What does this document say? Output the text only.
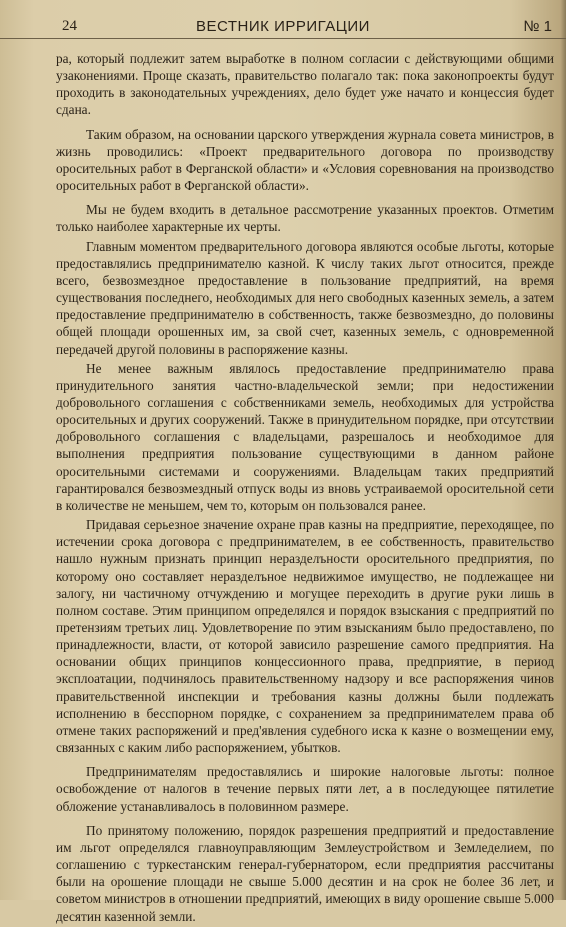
24	ВЕСТНИК ИРРИГАЦИИ	№ 1

ра, который подлежит затем выработке в полном согласии с действующими общими узаконениями. Проще сказать, правительство полагало так: пока законопроекты будут проходить в законодательных учреждениях, дело будет уже начато и концессия будет сдана.

Таким образом, на основании царского утверждения журнала совета министров, в жизнь проводились: «Проект предварительного договора по производству оросительных работ в Ферганской области» и «Условия соревнования на производство оросительных работ в Ферганской области».

Мы не будем входить в детальное рассмотрение указанных проектов. Отметим только наиболее характерные их черты.

Главным моментом предварительного договора являются особые льготы, которые предоставлялись предпринимателю казной. К числу таких льгот относится, прежде всего, безвозмездное предоставление в пользование предприятий, на время существования последнего, необходимых для него свободных казенных земель, а затем предоставление предпринимателю в собственность, также безвозмездно, до половины общей площади орошенных им, за свой счет, казенных земель, с одновременной передачей другой половины в распоряжение казны.

Не менее важным являлось предоставление предпринимателю права принудительного занятия частно-владельческой земли; при недостижении добровольного соглашения с собственниками земель, необходимых для устройства оросительных и других сооружений. Также в принудительном порядке, при отсутствии добровольного соглашения с владельцами, разрешалось и необходимое для выполнения предприятия пользование существующими в данном районе оросительными системами и сооружениями. Владельцам таких предприятий гарантировался безвозмездный отпуск воды из вновь устраиваемой оросительной сети в количестве не меньшем, чем то, которым он пользовался ранее.

Придавая серьезное значение охране прав казны на предприятие, переходящее, по истечении срока договора с предпринимателем, в ее собственность, правительство нашло нужным признать принцип неразделъности оросительного предприятия, по которому оно составляет неразделъное недвижимое имущество, не подлежащее ни залогу, ни частичному отчуждению и могущее переходить в другие руки лишь в полном составе. Этим принципом определялся и порядок взыскания с предприятий по претензиям третьих лиц. Удовлетворение по этим взысканиям было предоставлено, по принадлежности, власти, от которой зависило разрешение самого предприятия. На основании общих принципов концессионного права, предприятие, в период эксплоатации, подчинялось правительственному надзору и все распоряжения чинов правительственной инспекции и требования казны должны были подлежать исполнению в бесспорном порядке, с сохранением за предпринимателем права об отмене таких распоряжений и пред'явления судебного иска к казне о возмещении ему, связанных с каким либо распоряжением, убытков.

Предпринимателям предоставлялись и широкие налоговые льготы: полное освобождение от налогов в течение первых пяти лет, а в последующее пятилетие обложение устанавливалось в половинном размере.

По принятому положению, порядок разрешения предприятий и предоставление им льгот определялся главноуправляющим Землеустройством и Земледелием, по соглашению с туркестанским генерал-губернатором, если предприятия рассчитаны были на орошение площади не свыше 5.000 десятин и на срок не более 36 лет, и советом министров в отношении предприятий, имеющих в виду орошение свыше 5.000 десятин казенной земли.
